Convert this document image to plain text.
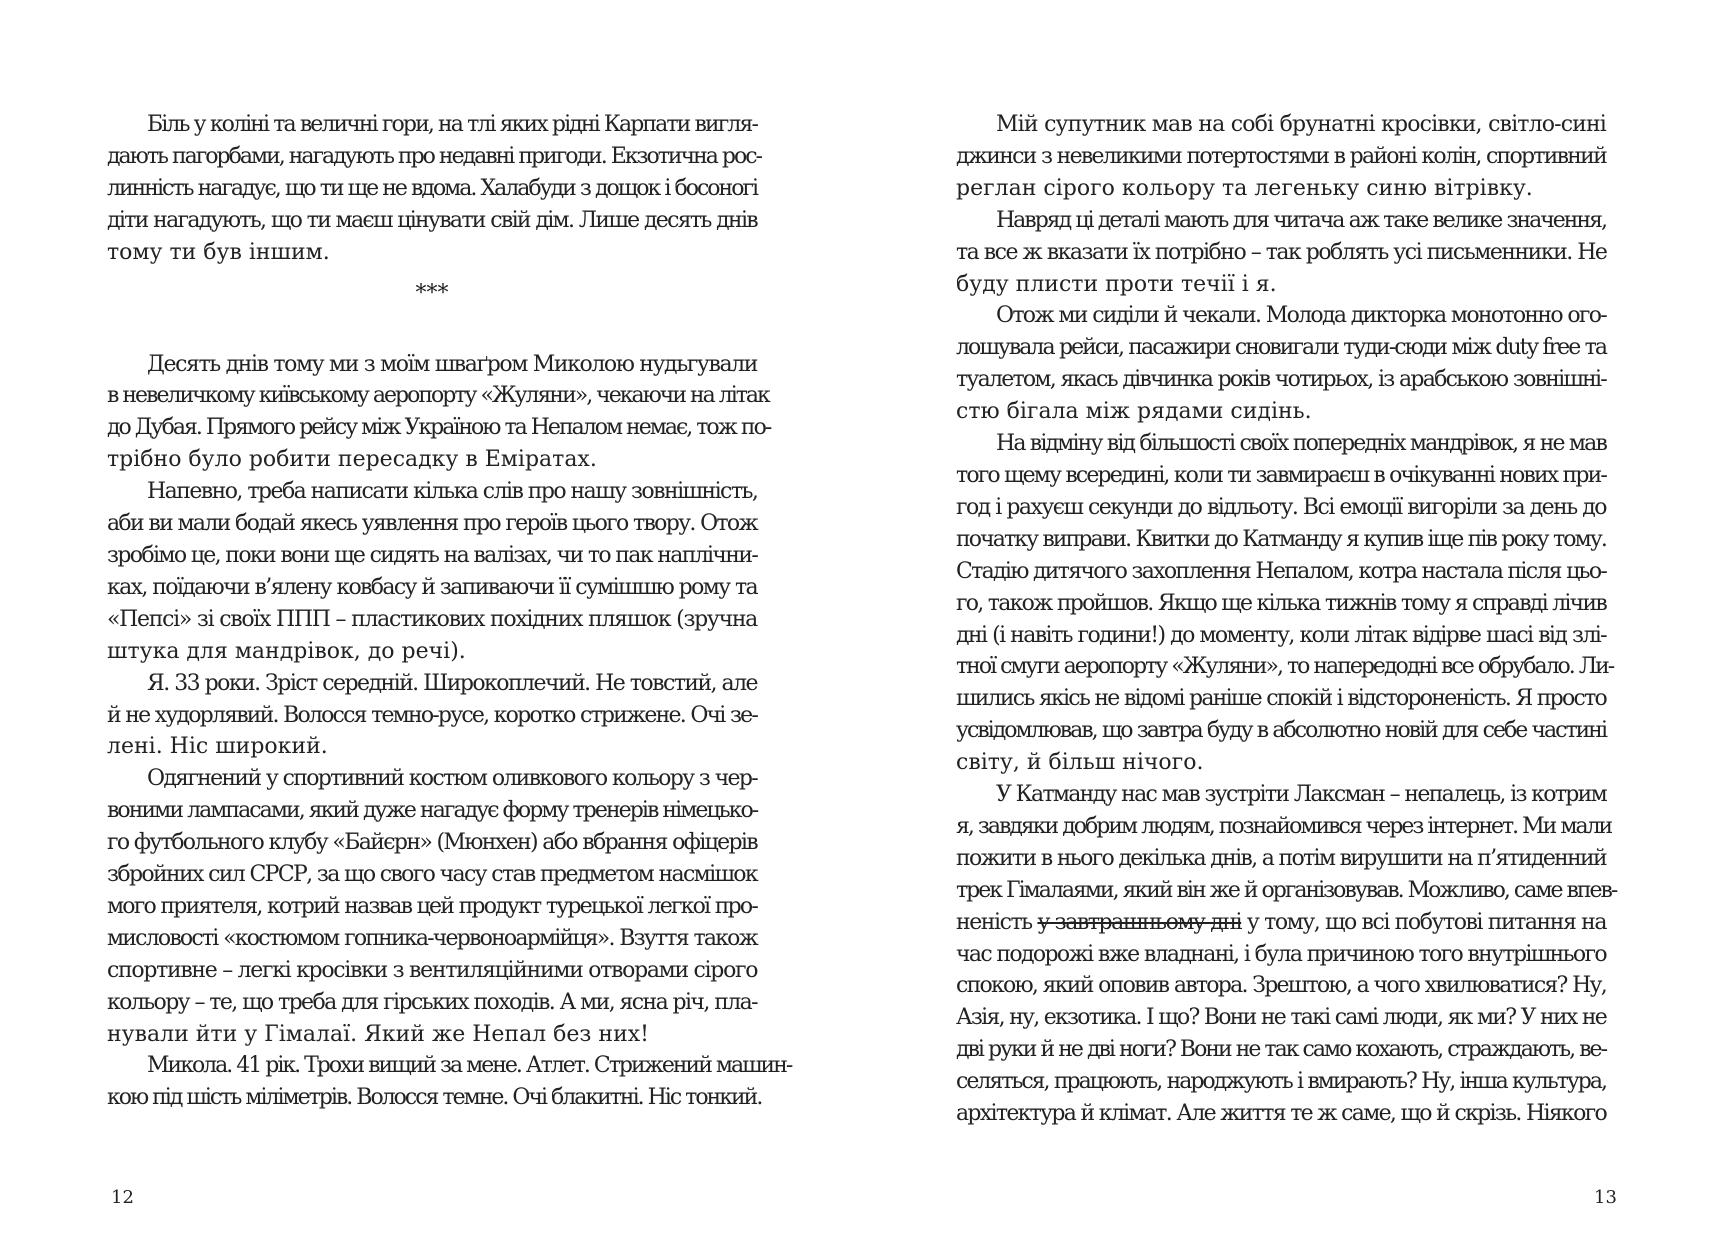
Біль у коліні та величні гори, на тлі яких рідні Карпати вигля-
дають пагорбами, нагадують про недавні пригоди. Екзотична рос-
линність нагадує, що ти ще не вдома. Халабуди з дощок і босоногі
діти нагадують, що ти маєш цінувати свій дім. Лише десять днів
тому ти був іншим.
***
Десять днів тому ми з моїм шваґром Миколою нудьгували
в невеличкому київському аеропорту «Жуляни», чекаючи на літак
до Дубая. Прямого рейсу між Україною та Непалом немає, тож по-
трібно було робити пересадку в Еміратах.
Напевно, треба написати кілька слів про нашу зовнішність,
аби ви мали бодай якесь уявлення про героїв цього твору. Отож
зробімо це, поки вони ще сидять на валізах, чи то пак наплічни-
ках, поїдаючи в’ялену ковбасу й запиваючи її сумішшю рому та
«Пепсі» зі своїх ППП – пластикових похідних пляшок (зручна
штука для мандрівок, до речі).
Я. 33 роки. Зріст середній. Широкоплечий. Не товстий, але
й не худорлявий. Волосся темно-русе, коротко стрижене. Очі зе-
лені. Ніс широкий.
Одягнений у спортивний костюм оливкового кольору з чер-
воними лампасами, який дуже нагадує форму тренерів німецько-
го футбольного клубу «Байєрн» (Мюнхен) або вбрання офіцерів
збройних сил СРСР, за що свого часу став предметом насмішок
мого приятеля, котрий назвав цей продукт турецької легкої про-
мисловості «костюмом гопника-червоноармійця». Взуття також
спортивне – легкі кросівки з вентиляційними отворами сірого
кольору – те, що треба для гірських походів. А ми, ясна річ, пла-
нували йти у Гімалаї. Який же Непал без них!
Микола. 41 рік. Трохи вищий за мене. Атлет. Стрижений машин-
кою під шість міліметрів. Волосся темне. Очі блакитні. Ніс тонкий.
12
Мій супутник мав на собі брунатні кросівки, світло-сині
джинси з невеликими потертостями в районі колін, спортивний
реглан сірого кольору та легеньку синю вітрівку.
Навряд ці деталі мають для читача аж таке велике значення,
та все ж вказати їх потрібно – так роблять усі письменники. Не
буду плисти проти течії і я.
Отож ми сиділи й чекали. Молода дикторка монотонно ого-
лошувала рейси, пасажири сновигали туди-сюди між duty free та
туалетом, якась дівчинка років чотирьох, із арабською зовнішні-
стю бігала між рядами сидінь.
На відміну від більшості своїх попередніх мандрівок, я не мав
того щему всередині, коли ти завмираєш в очікуванні нових при-
год і рахуєш секунди до відльоту. Всі емоції вигоріли за день до
початку виправи. Квитки до Катманду я купив іще пів року тому.
Стадію дитячого захоплення Непалом, котра настала після цьо-
го, також пройшов. Якщо ще кілька тижнів тому я справді лічив
дні (і навіть години!) до моменту, коли літак відірве шасі від злі-
тної смуги аеропорту «Жуляни», то напередодні все обрубало. Ли-
шились якісь не відомі раніше спокій і відстороненість. Я просто
усвідомлював, що завтра буду в абсолютно новій для себе частині
світу, й більш нічого.
У Катманду нас мав зустріти Лаксман – непалець, із котрим
я, завдяки добрим людям, познайомився через інтернет. Ми мали
пожити в нього декілька днів, а потім вирушити на п’ятиденний
трек Гімалаями, який він же й організовував. Можливо, саме впев-
неність у завтрашньому дні у тому, що всі побутові питання на
час подорожі вже владнані, і була причиною того внутрішнього
спокою, який оповив автора. Зрештою, а чого хвилюватися? Ну,
Азія, ну, екзотика. І що? Вони не такі самі люди, як ми? У них не
дві руки й не дві ноги? Вони не так само кохають, страждають, ве-
селяться, працюють, народжують і вмирають? Ну, інша культура,
архітектура й клімат. Але життя те ж саме, що й скрізь. Ніякого
13
